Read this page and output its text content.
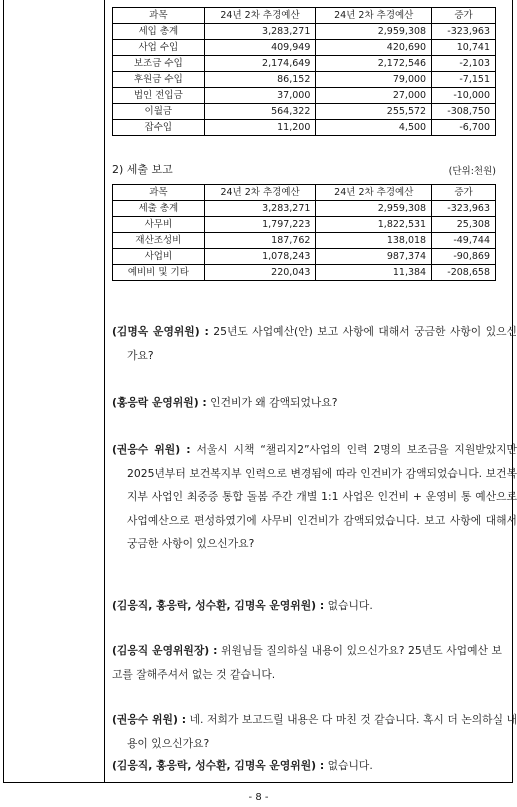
과목	24년 2차 추경예산	24년 2차 추경예산	증가
세입 총계	3,283,271	2,959,308	-323,963
사업 수입	409,949	420,690	10,741
보조금 수입	2,174,649	2,172,546	-2,103
후원금 수입	86,152	79,000	-7,151
법인 전입금	37,000	27,000	-10,000
이월금	564,322	255,572	-308,750
잡수입	11,200	4,500	-6,700
2) 세출 보고	(단위:천원)
과목	24년 2차 추경예산	24년 2차 추경예산	증가
세출 총계	3,283,271	2,959,308	-323,963
사무비	1,797,223	1,822,531	25,308
재산조성비	187,762	138,018	-49,744
사업비	1,078,243	987,374	-90,869
예비비 및 기타	220,043	11,384	-208,658
(김명옥 운영위원) : 25년도 사업예산(안) 보고 사항에 대해서 궁금한 사항이 있으신가요?
(홍응락 운영위원) : 인건비가 왜 감액되었나요?
(권응수 위원) : 서울시 시책 “챌리지2”사업의 인력 2명의 보조금을 지원받았지만 2025년부터 보건복지부 인력으로 변경됨에 따라 인건비가 감액되었습니다. 보건복지부 사업인 최중증 통합 돌봄 주간 개별 1:1 사업은 인건비 + 운영비 통 예산으로 사업예산으로 편성하였기에 사무비 인건비가 감액되었습니다. 보고 사항에 대해서 궁금한 사항이 있으신가요?
(김응직, 홍응락, 성수환, 김명옥 운영위원) : 없습니다.
(김응직 운영위원장) : 위원님들 질의하실 내용이 있으신가요? 25년도 사업예산 보고를 잘해주셔서 없는 것 같습니다.
(권응수 위원) : 네. 저희가 보고드릴 내용은 다 마친 것 같습니다. 혹시 더 논의하실 내용이 있으신가요?
(김응직, 홍응락, 성수환, 김명옥 운영위원) : 없습니다.
- 8 -
